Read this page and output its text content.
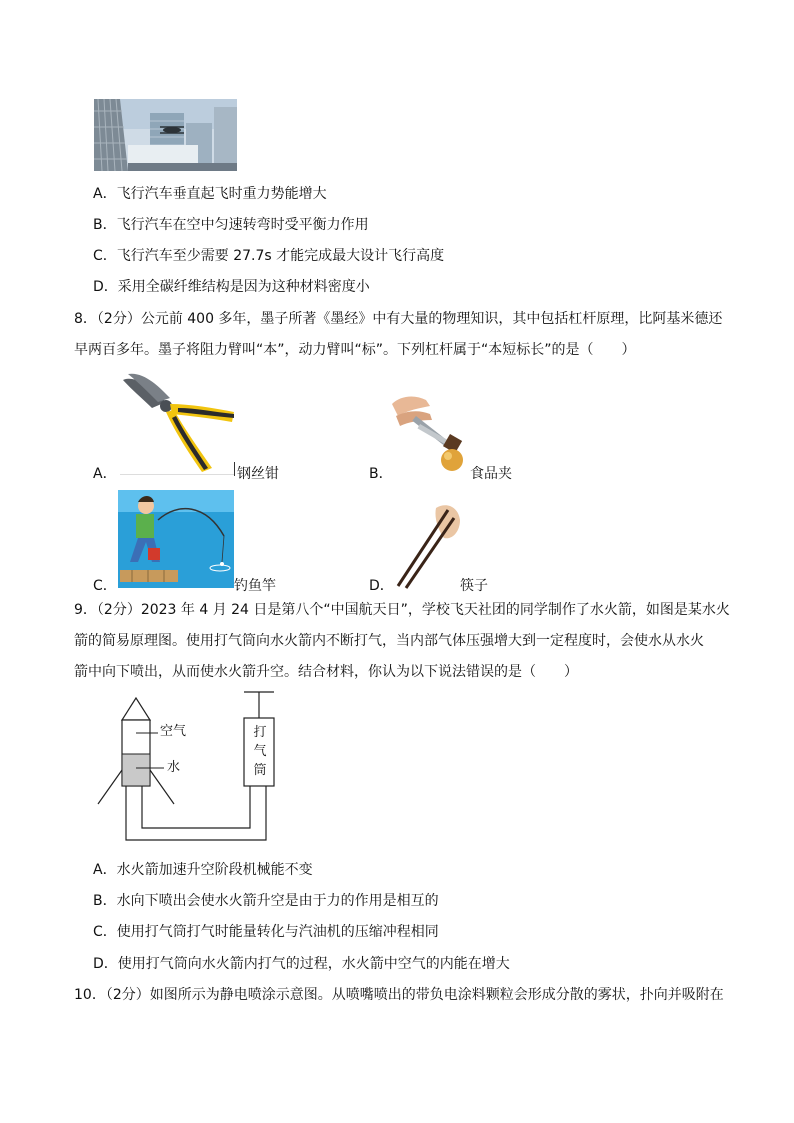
A．飞行汽车垂直起飞时重力势能增大
B．飞行汽车在空中匀速转弯时受平衡力作用
C．飞行汽车至少需要 27.7s 才能完成最大设计飞行高度
D．采用全碳纤维结构是因为这种材料密度小
8．（2分）公元前 400 多年，墨子所著《墨经》中有大量的物理知识，其中包括杠杆原理，比阿基米德还
早两百多年。墨子将阻力臂叫“本”，动力臂叫“标”。下列杠杆属于“本短标长”的是（　　）
A．	钢丝钳	B．	食品夹
C．	钓鱼竿	D．	筷子
9．（2分）2023 年 4 月 24 日是第八个“中国航天日”，学校飞天社团的同学制作了水火箭，如图是某水火
箭的简易原理图。使用打气筒向水火箭内不断打气，当内部气体压强增大到一定程度时，会使水从水火
箭中向下喷出，从而使水火箭升空。结合材料，你认为以下说法错误的是（　　）
空气
水
打
气
筒
A．水火箭加速升空阶段机械能不变
B．水向下喷出会使水火箭升空是由于力的作用是相互的
C．使用打气筒打气时能量转化与汽油机的压缩冲程相同
D．使用打气筒向水火箭内打气的过程，水火箭中空气的内能在增大
10．（2分）如图所示为静电喷涂示意图。从喷嘴喷出的带负电涂料颗粒会形成分散的雾状，扑向并吸附在
